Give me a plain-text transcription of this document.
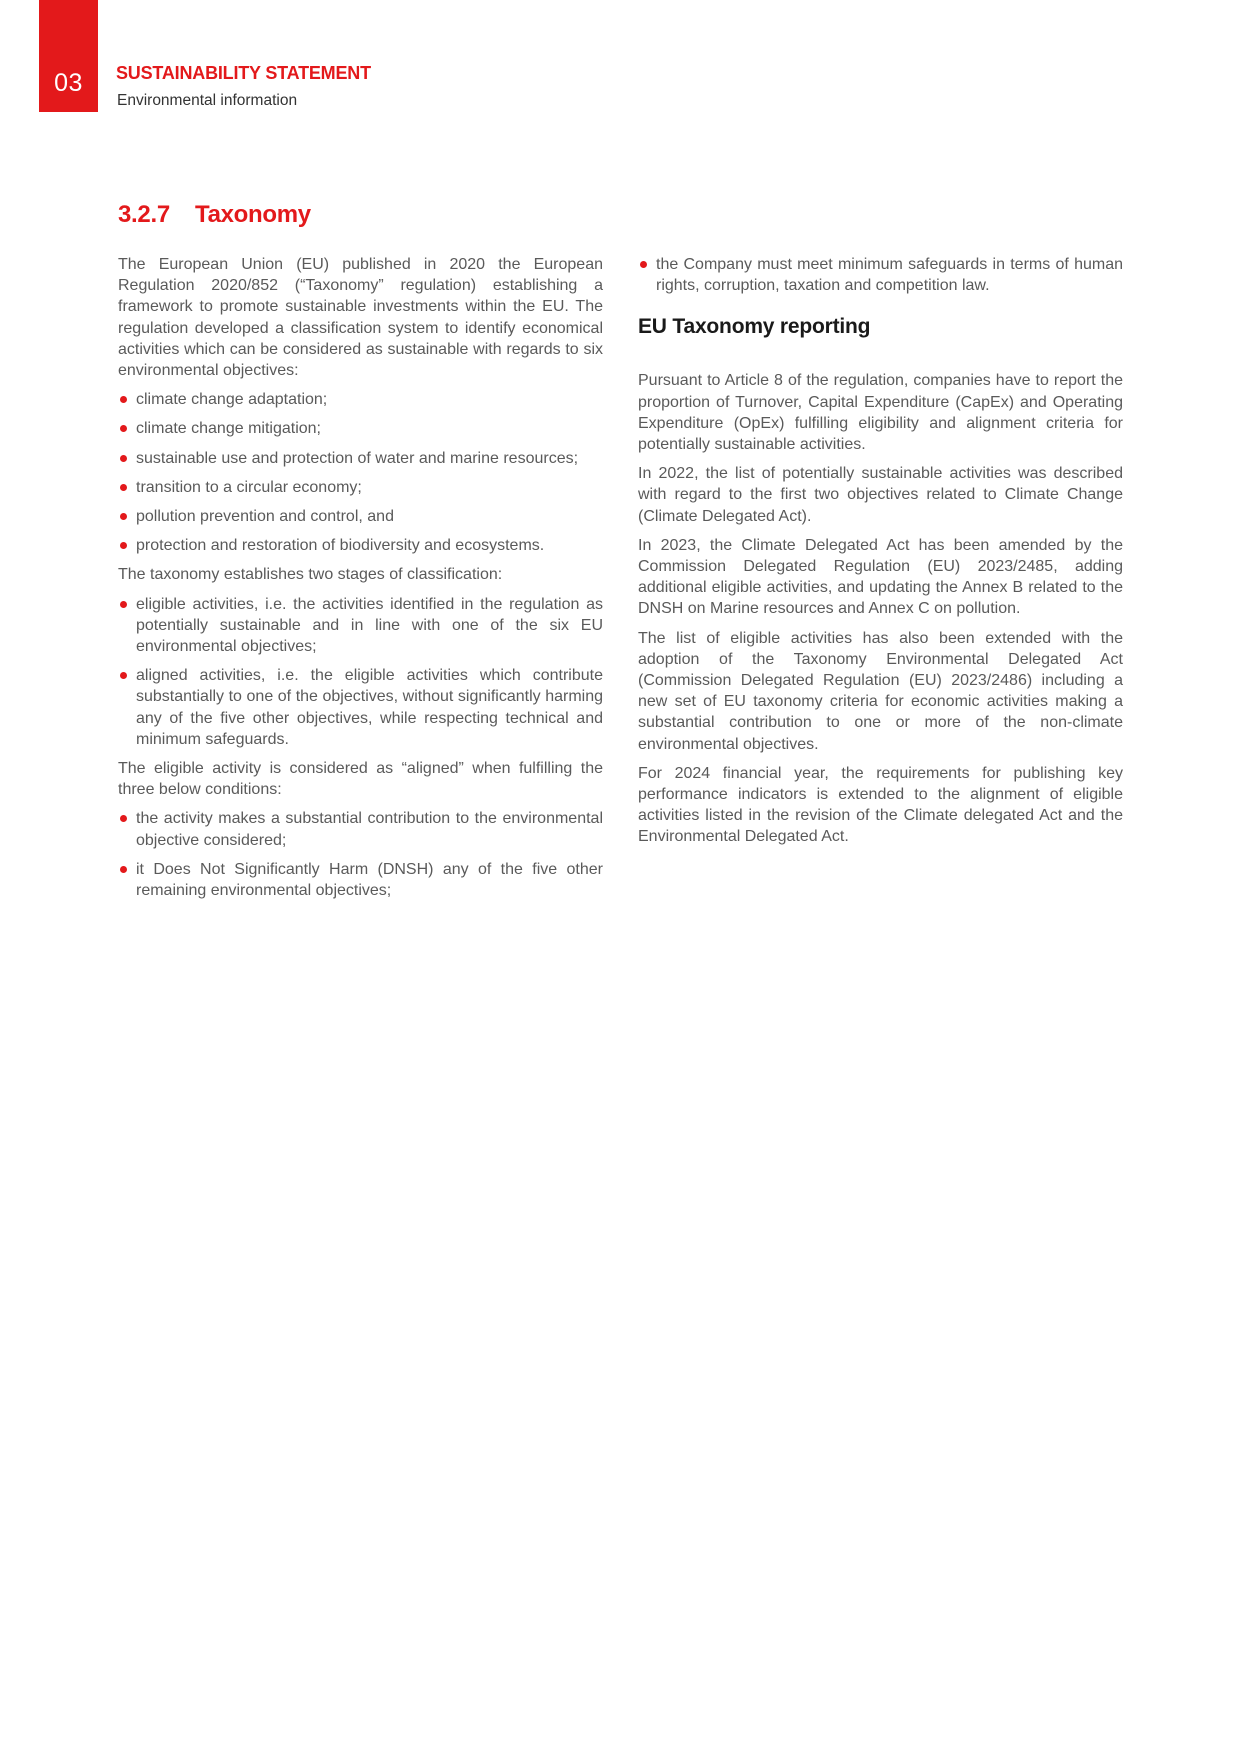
03	SUSTAINABILITY STATEMENT
Environmental information
3.2.7 Taxonomy

The European Union (EU) published in 2020 the European Regulation 2020/852 (“Taxonomy” regulation) establishing a framework to promote sustainable investments within the EU. The regulation developed a classification system to identify economical activities which can be considered as sustainable with regards to six environmental objectives:

climate change adaptation;
climate change mitigation;
sustainable use and protection of water and marine resources;
transition to a circular economy;
pollution prevention and control, and
protection and restoration of biodiversity and ecosystems.

The taxonomy establishes two stages of classification:

eligible activities, i.e. the activities identified in the regulation as potentially sustainable and in line with one of the six EU environmental objectives;
aligned activities, i.e. the eligible activities which contribute substantially to one of the objectives, without significantly harming any of the five other objectives, while respecting technical and minimum safeguards.

The eligible activity is considered as “aligned” when fulfilling the three below conditions:

the activity makes a substantial contribution to the environmental objective considered;
it Does Not Significantly Harm (DNSH) any of the five other remaining environmental objectives;
the Company must meet minimum safeguards in terms of human rights, corruption, taxation and competition law.
EU Taxonomy reporting

Pursuant to Article 8 of the regulation, companies have to report the proportion of Turnover, Capital Expenditure (CapEx) and Operating Expenditure (OpEx) fulfilling eligibility and alignment criteria for potentially sustainable activities.

In 2022, the list of potentially sustainable activities was described with regard to the first two objectives related to Climate Change (Climate Delegated Act).

In 2023, the Climate Delegated Act has been amended by the Commission Delegated Regulation (EU) 2023/2485, adding additional eligible activities, and updating the Annex B related to the DNSH on Marine resources and Annex C on pollution.

The list of eligible activities has also been extended with the adoption of the Taxonomy Environmental Delegated Act (Commission Delegated Regulation (EU) 2023/2486) including a new set of EU taxonomy criteria for economic activities making a substantial contribution to one or more of the non-climate environmental objectives.

For 2024 financial year, the requirements for publishing key performance indicators is extended to the alignment of eligible activities listed in the revision of the Climate delegated Act and the Environmental Delegated Act.
